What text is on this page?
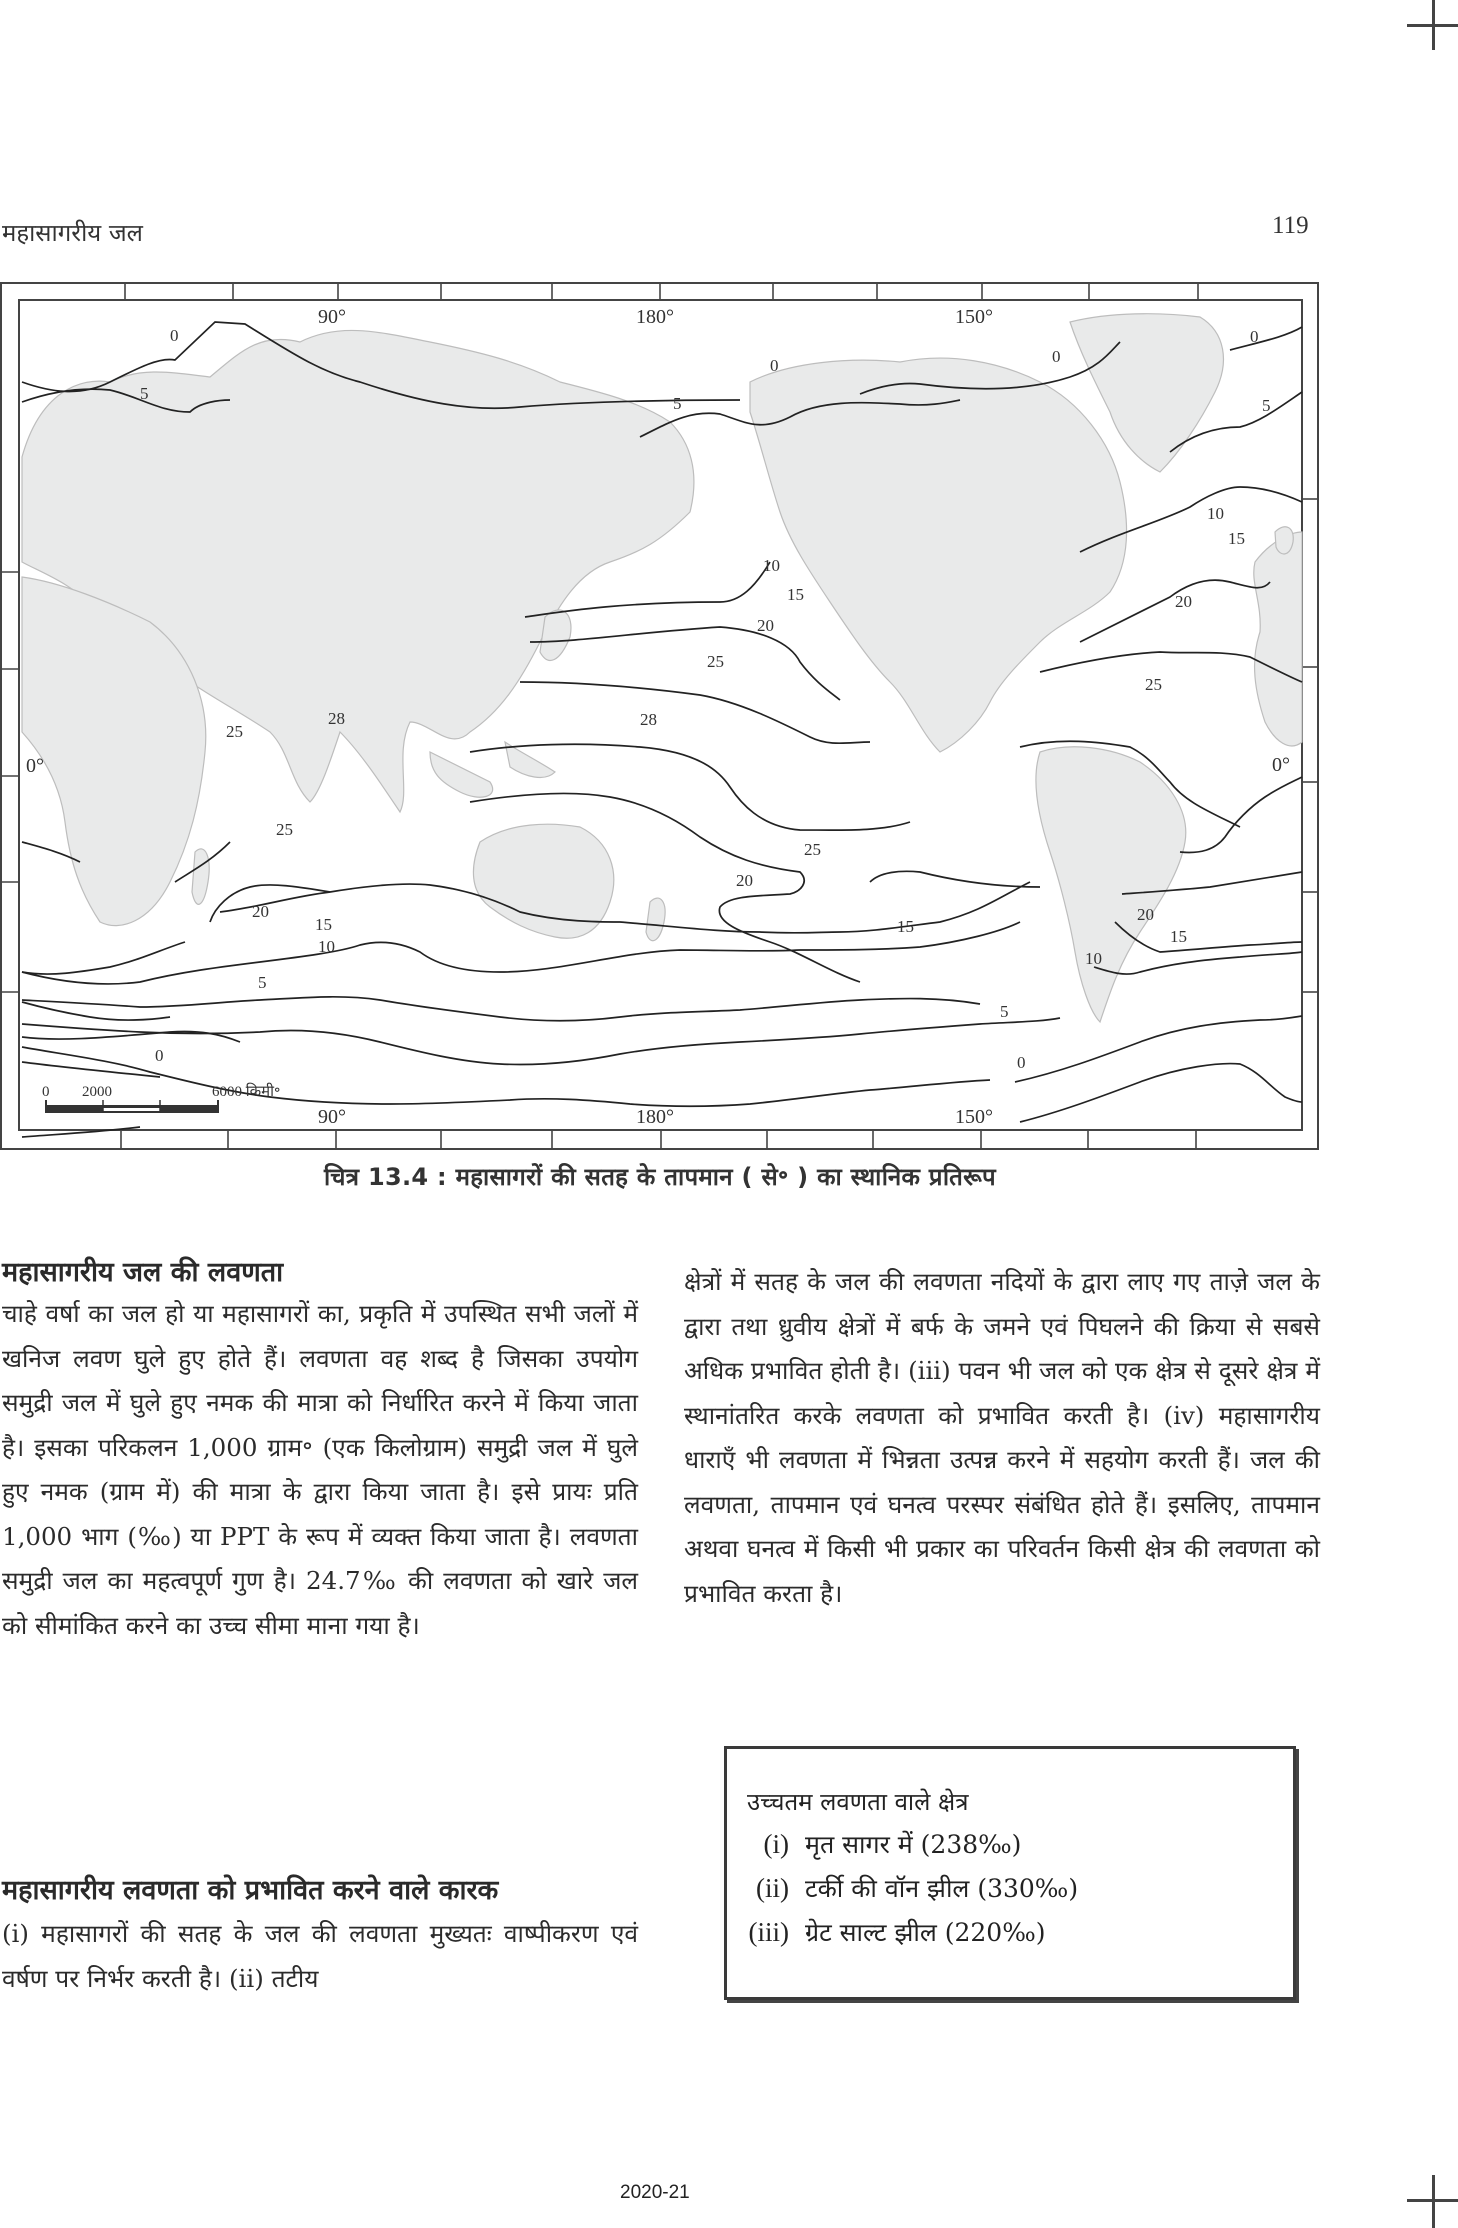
महासागरीय जल	119
90°	180°	150°
90°	180°	150°
0°	0°
0
0	0
0
5
5	5
10
10
15
15
20
20
25
25
28	28
25
25
25
20
20
20
15	15
15
10
10
5
5
0	0
0 2000	6000 किमी॰
चित्र 13.4 : महासागरों की सतह के तापमान ( से॰ ) का स्थानिक प्रतिरूप
महासागरीय जल की लवणता
चाहे वर्षा का जल हो या महासागरों का, प्रकृति में उपस्थित सभी जलों में खनिज लवण घुले हुए होते हैं। लवणता वह शब्द है जिसका उपयोग समुद्री जल में घुले हुए नमक की मात्रा को निर्धारित करने में किया जाता है। इसका परिकलन 1,000 ग्राम॰ (एक किलोग्राम) समुद्री जल में घुले हुए नमक (ग्राम में) की मात्रा के द्वारा किया जाता है। इसे प्रायः प्रति 1,000 भाग (‰) या PPT के रूप में व्यक्त किया जाता है। लवणता समुद्री जल का महत्वपूर्ण गुण है। 24.7‰ की लवणता को खारे जल को सीमांकित करने का उच्च सीमा माना गया है।
महासागरीय लवणता को प्रभावित करने वाले कारक
(i) महासागरों की सतह के जल की लवणता मुख्यतः वाष्पीकरण एवं वर्षण पर निर्भर करती है। (ii) तटीय
क्षेत्रों में सतह के जल की लवणता नदियों के द्वारा लाए गए ताज़े जल के द्वारा तथा ध्रुवीय क्षेत्रों में बर्फ के जमने एवं पिघलने की क्रिया से सबसे अधिक प्रभावित होती है। (iii) पवन भी जल को एक क्षेत्र से दूसरे क्षेत्र में स्थानांतरित करके लवणता को प्रभावित करती है। (iv) महासागरीय धाराएँ भी लवणता में भिन्नता उत्पन्न करने में सहयोग करती हैं। जल की लवणता, तापमान एवं घनत्व परस्पर संबंधित होते हैं। इसलिए, तापमान अथवा घनत्व में किसी भी प्रकार का परिवर्तन किसी क्षेत्र की लवणता को प्रभावित करता है।
उच्चतम लवणता वाले क्षेत्र
(i) मृत सागर में (238‰)
(ii) टर्की की वॉन झील (330‰)
(iii) ग्रेट साल्ट झील (220‰)
2020-21
